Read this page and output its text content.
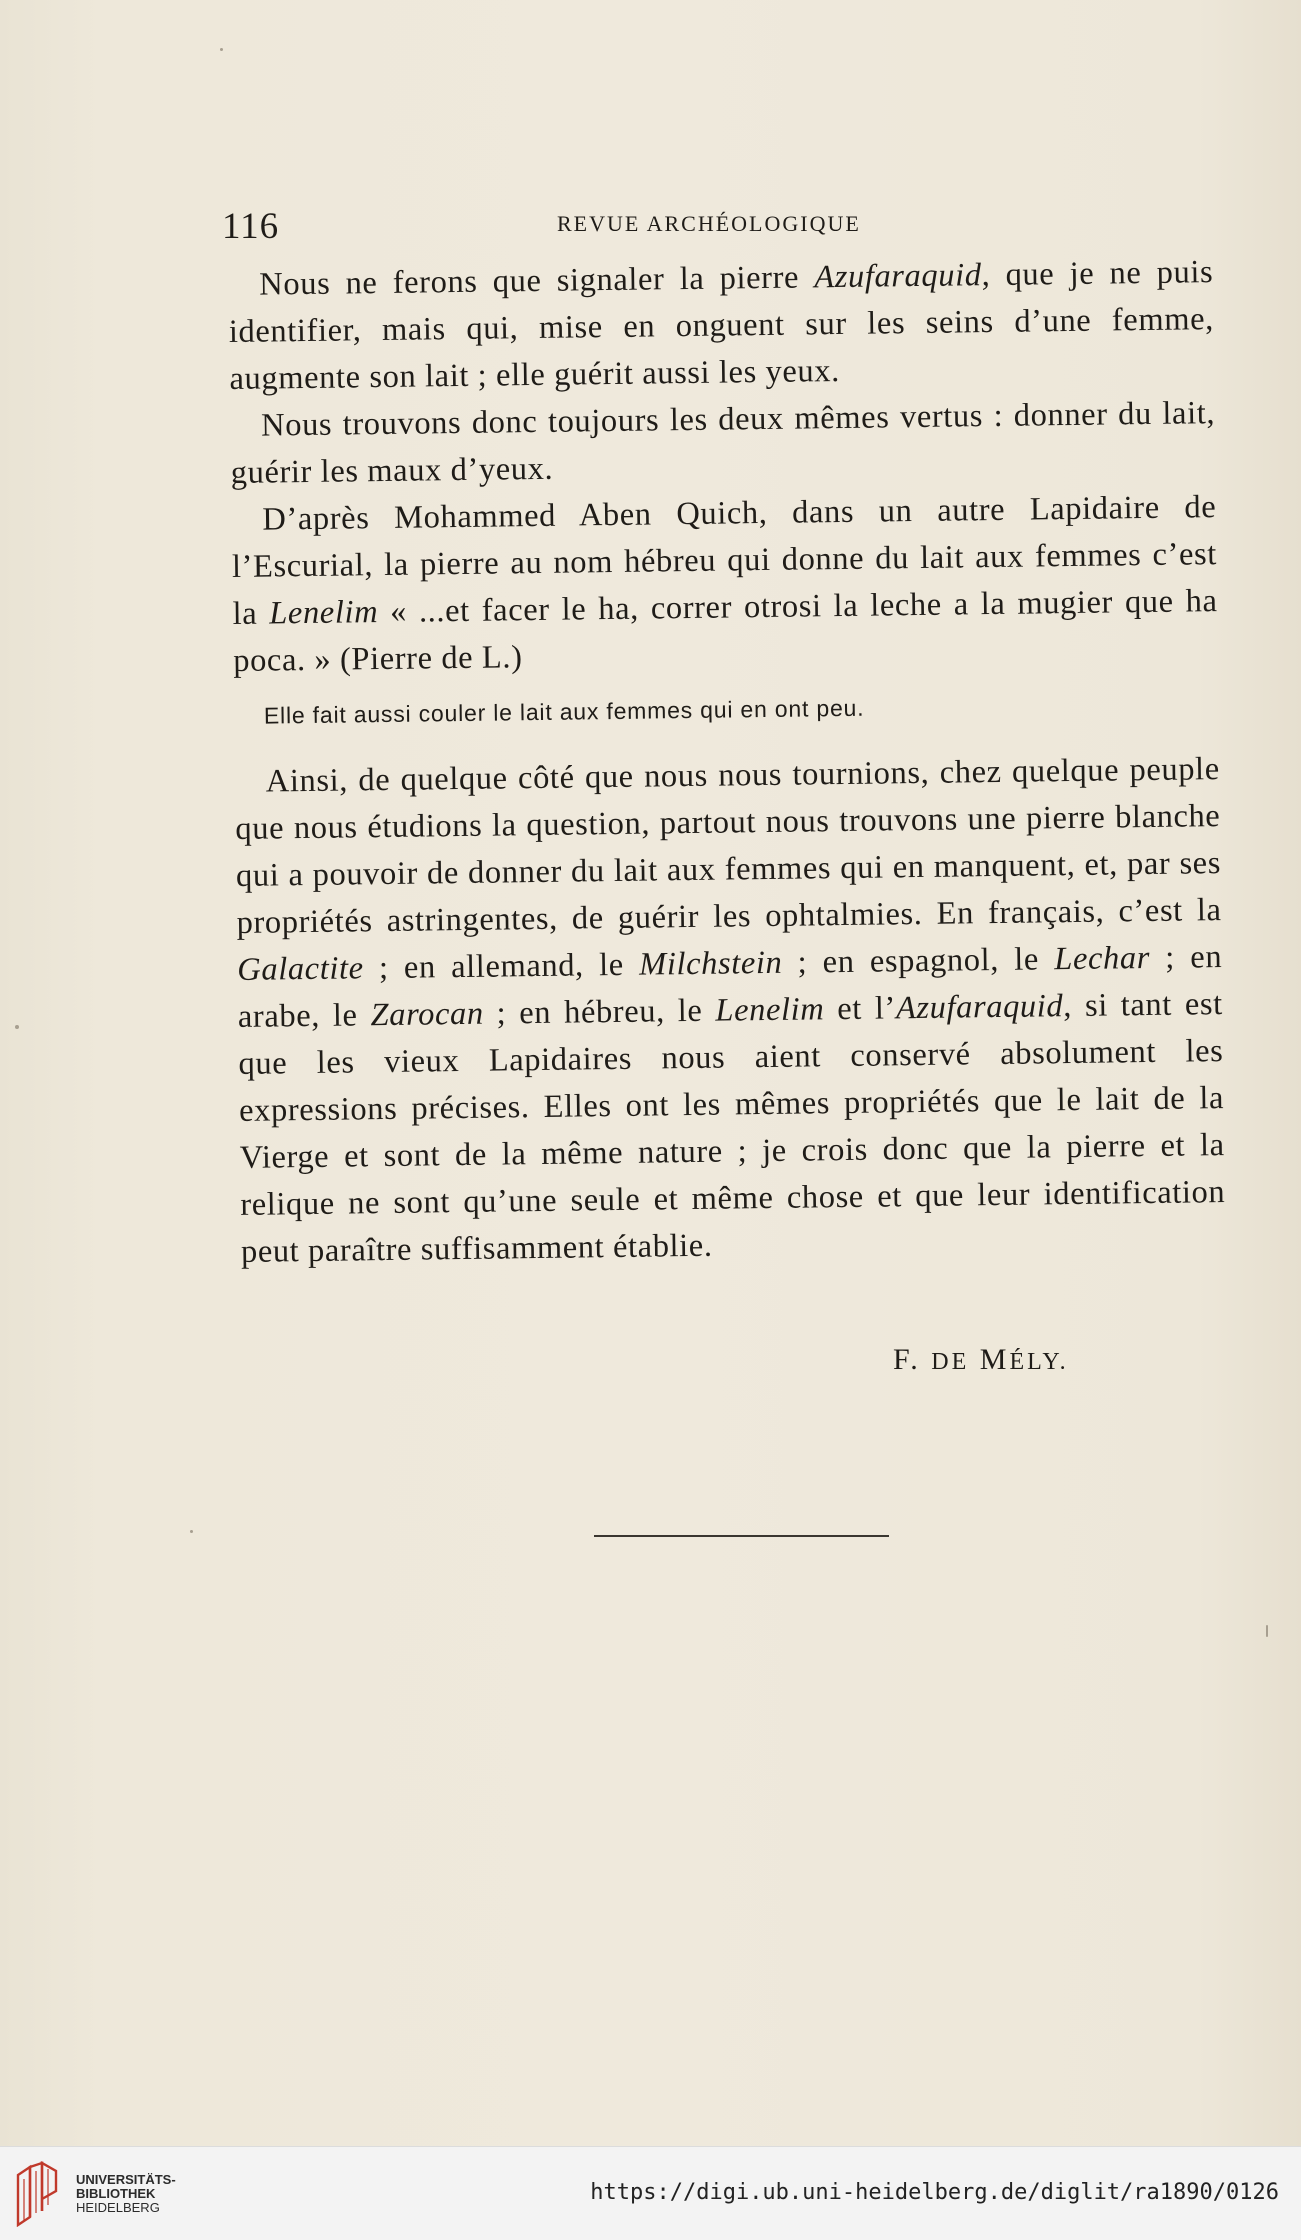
116	REVUE ARCHÉOLOGIQUE

Nous ne ferons que signaler la pierre Azufaraquid, que je ne puis identifier, mais qui, mise en onguent sur les seins d’une femme, augmente son lait ; elle guérit aussi les yeux.

Nous trouvons donc toujours les deux mêmes vertus : donner du lait, guérir les maux d’yeux.

D’après Mohammed Aben Quich, dans un autre Lapidaire de l’Escurial, la pierre au nom hébreu qui donne du lait aux femmes c’est la Lenelim « ...et facer le ha, correr otrosi la leche a la mugier que ha poca. » (Pierre de L.)

Elle fait aussi couler le lait aux femmes qui en ont peu.

Ainsi, de quelque côté que nous nous tournions, chez quelque peuple que nous étudions la question, partout nous trouvons une pierre blanche qui a pouvoir de donner du lait aux femmes qui en manquent, et, par ses propriétés astringentes, de guérir les ophtalmies. En français, c’est la Galactite ; en allemand, le Milchstein ; en espagnol, le Lechar ; en arabe, le Zarocan ; en hébreu, le Lenelim et l’Azufaraquid, si tant est que les vieux Lapidaires nous aient conservé absolument les expressions précises. Elles ont les mêmes propriétés que le lait de la Vierge et sont de la même nature ; je crois donc que la pierre et la relique ne sont qu’une seule et même chose et que leur identification peut paraître suffisamment établie.

F. DE MÉLY.
UNIVERSITÄTS-
BIBLIOTHEK
HEIDELBERG
https://digi.ub.uni-heidelberg.de/diglit/ra1890/0126
